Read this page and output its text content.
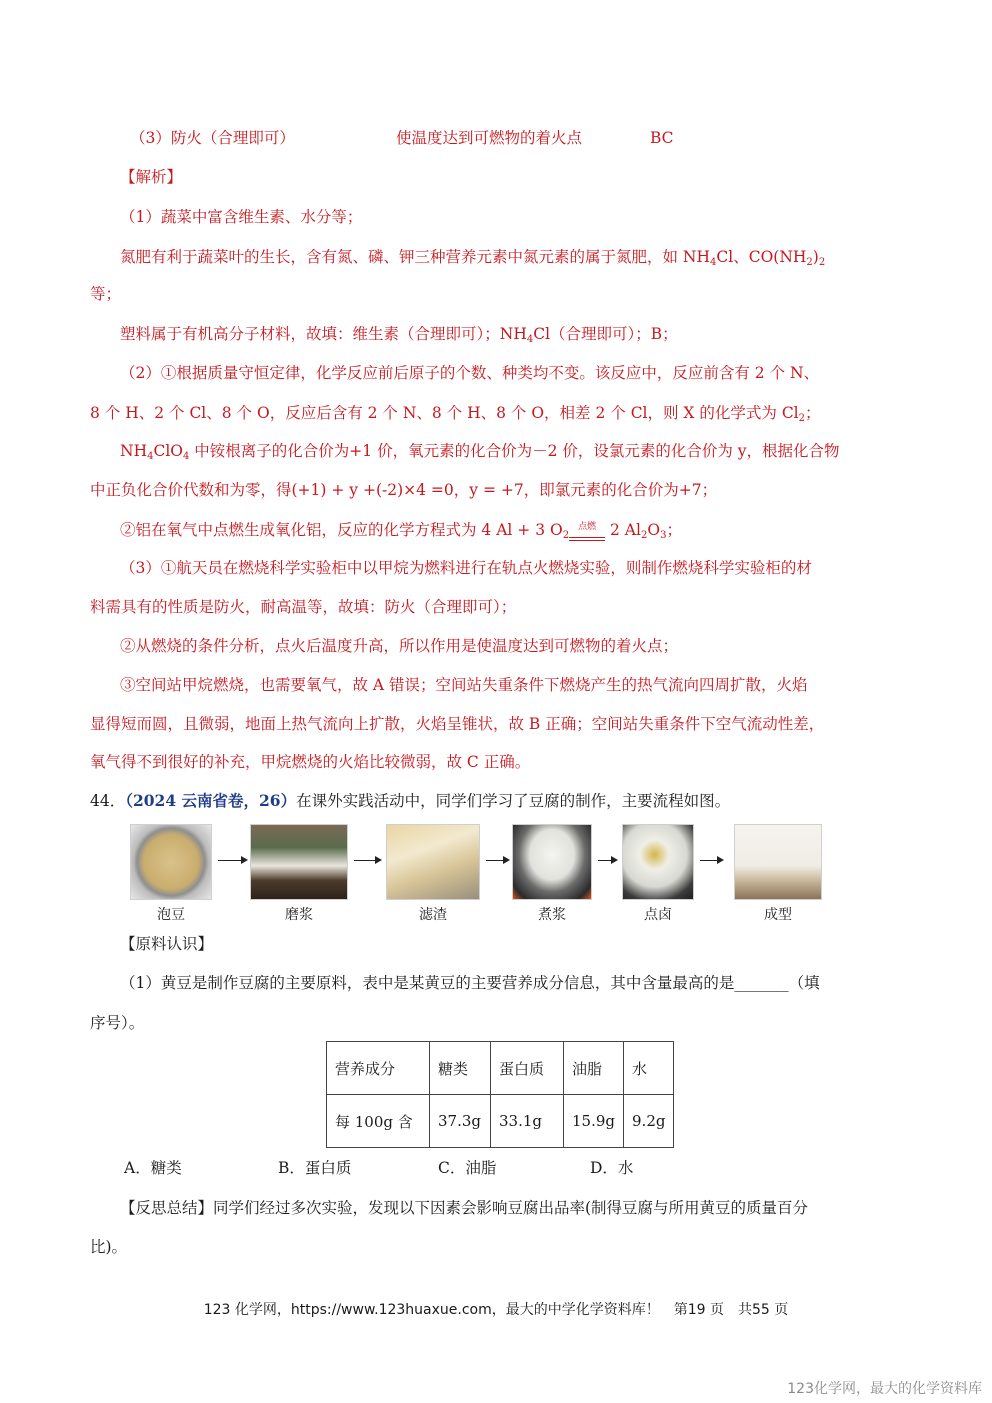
（3）防火（合理即可）	使温度达到可燃物的着火点	BC
【解析】
（1）蔬菜中富含维生素、水分等；
氮肥有利于蔬菜叶的生长，含有氮、磷、钾三种营养元素中氮元素的属于氮肥，如 $NH_4Cl$、$CO(NH_2)_2$
等；
塑料属于有机高分子材料，故填：维生素（合理即可）；$NH_4Cl$（合理即可）；B；
（2）①根据质量守恒定律，化学反应前后原子的个数、种类均不变。该反应中，反应前含有 2 个 N、
8 个 H、2 个 Cl、8 个 O，反应后含有 2 个 N、8 个 H、8 个 O，相差 2 个 Cl，则 X 的化学式为 $Cl_2$；
$NH_4ClO_4$ 中铵根离子的化合价为+1 价，氧元素的化合价为－2 价，设氯元素的化合价为 y，根据化合物
中正负化合价代数和为零，得(+1) + y +(-2)×4 =0，y = +7，即氯元素的化合价为+7；
②铝在氧气中点燃生成氧化铝，反应的化学方程式为 4 Al + 3 $O_2$点燃
2 $Al_2O_3$；
（3）①航天员在燃烧科学实验柜中以甲烷为燃料进行在轨点火燃烧实验，则制作燃烧科学实验柜的材
料需具有的性质是防火，耐高温等，故填：防火（合理即可）；
②从燃烧的条件分析，点火后温度升高，所以作用是使温度达到可燃物的着火点；
③空间站甲烷燃烧，也需要氧气，故 A 错误；空间站失重条件下燃烧产生的热气流向四周扩散，火焰
显得短而圆，且微弱，地面上热气流向上扩散，火焰呈锥状，故 B 正确；空间站失重条件下空气流动性差，
氧气得不到很好的补充，甲烷燃烧的火焰比较微弱，故 C 正确。
44．（2024 云南省卷，26）在课外实践活动中，同学们学习了豆腐的制作，主要流程如图。
泡豆	磨浆	滤渣	煮浆	点卤	成型
【原料认识】
（1）黄豆是制作豆腐的主要原料，表中是某黄豆的主要营养成分信息，其中含量最高的是_______（填
序号）。
营养成分	糖类	蛋白质	油脂	水
每 100g 含	37.3g	33.1g	15.9g	9.2g
A．糖类	B．蛋白质	C．油脂	D．水
【反思总结】同学们经过多次实验，发现以下因素会影响豆腐出品率(制得豆腐与所用黄豆的质量百分
比)。
123 化学网，https://www.123huaxue.com，最大的中学化学资料库！　第19 页　共55 页
123化学网，最大的化学资料库
